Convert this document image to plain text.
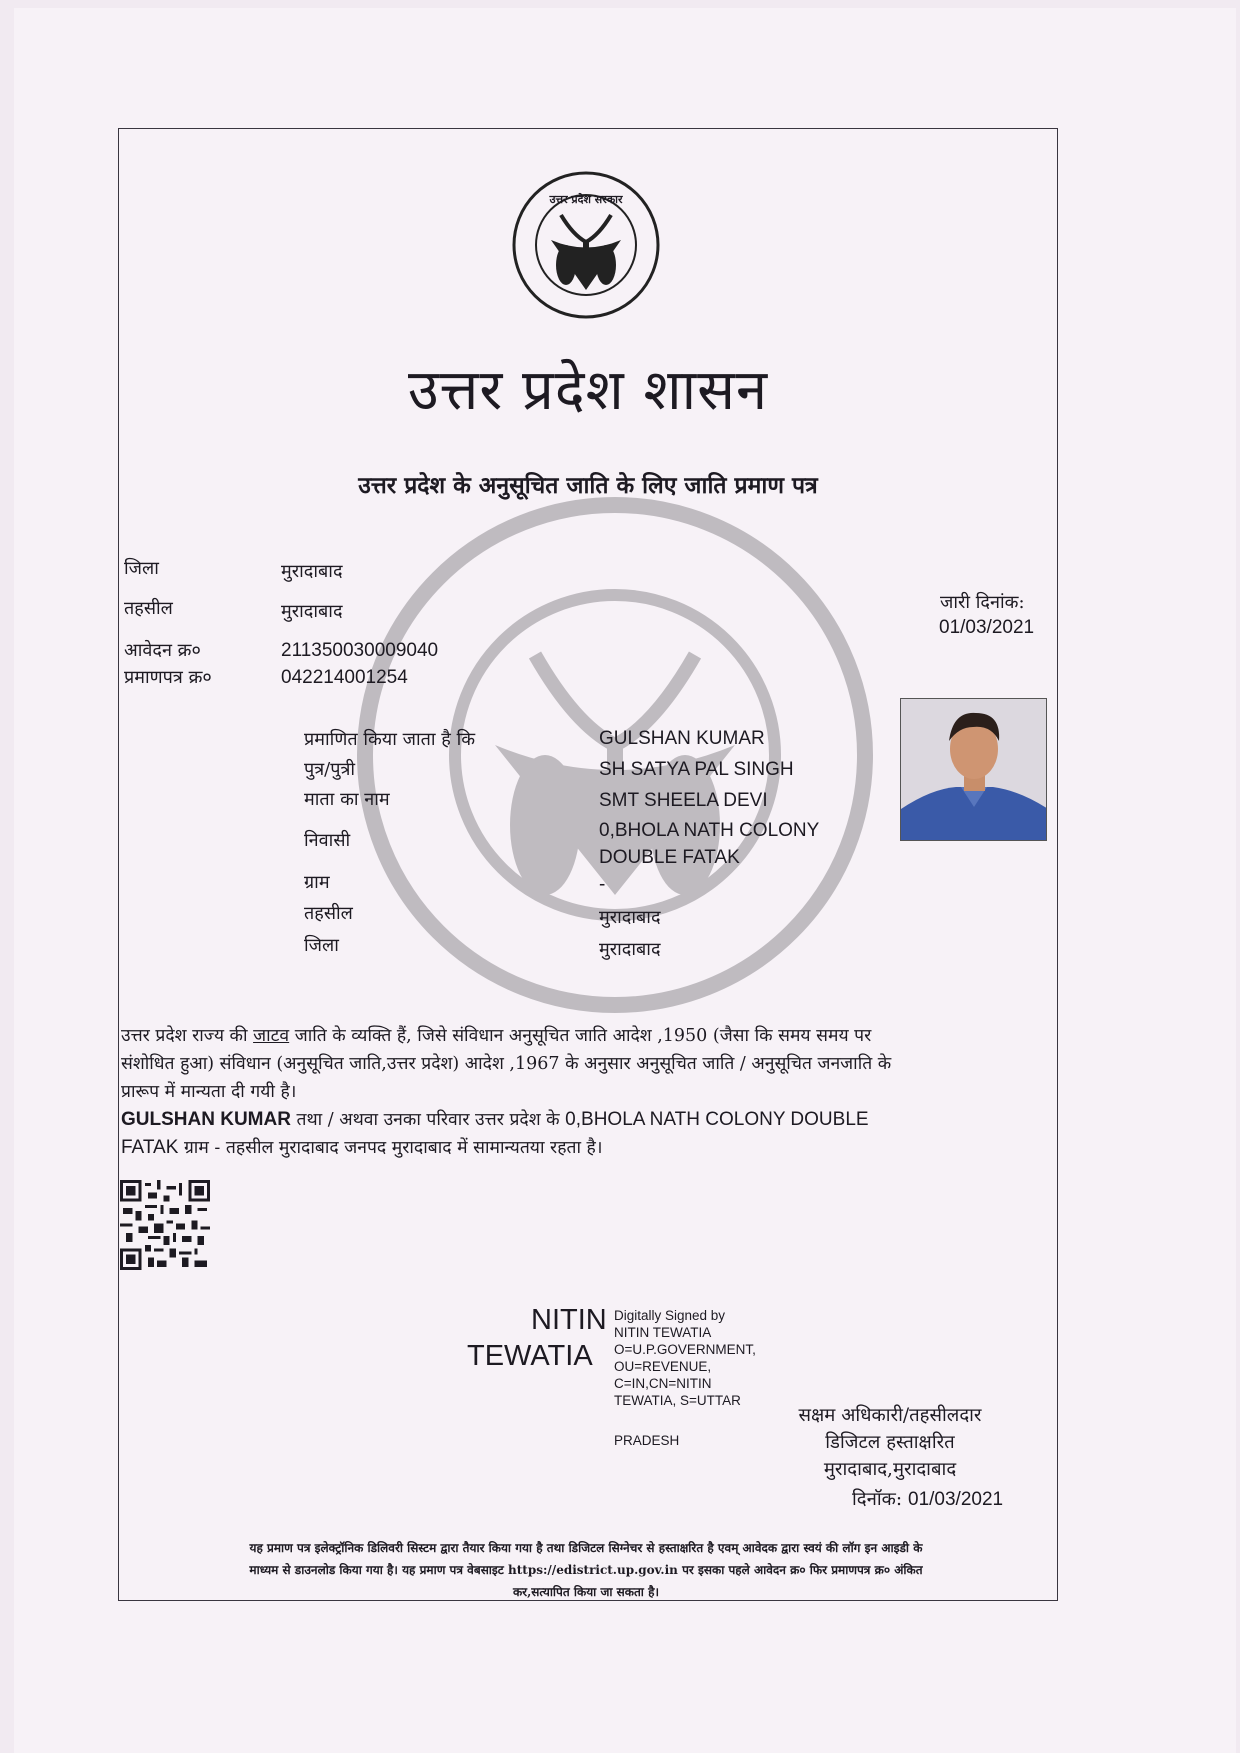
उत्तर प्रदेश सरकार
उत्तर प्रदेश शासन
उत्तर प्रदेश के अनुसूचित जाति के लिए जाति प्रमाण पत्र
जिला	मुरादाबाद
तहसील	मुरादाबाद
आवेदन क्र०	211350030009040
प्रमाणपत्र क्र०	042214001254
जारी दिनांक:
01/03/2021
प्रमाणित किया जाता है कि	GULSHAN KUMAR
पुत्र/पुत्री	SH SATYA PAL SINGH
माता का नाम	SMT SHEELA DEVI
निवासी	0,BHOLA NATH COLONY
DOUBLE FATAK
ग्राम	-
तहसील	मुरादाबाद
जिला	मुरादाबाद
उत्तर प्रदेश राज्य की जाटव जाति के व्यक्ति हैं, जिसे संविधान अनुसूचित जाति आदेश ,1950 (जैसा कि समय समय पर
संशोधित हुआ) संविधान (अनुसूचित जाति,उत्तर प्रदेश) आदेश ,1967 के अनुसार अनुसूचित जाति / अनुसूचित जनजाति के
प्रारूप में मान्यता दी गयी है।
GULSHAN KUMAR तथा / अथवा उनका परिवार उत्तर प्रदेश के 0,BHOLA NATH COLONY DOUBLE
FATAK ग्राम - तहसील मुरादाबाद जनपद मुरादाबाद में सामान्यतया रहता है।
NITIN
TEWATIA
Digitally Signed by
NITIN TEWATIA
O=U.P.GOVERNMENT,
OU=REVENUE,
C=IN,CN=NITIN
TEWATIA, S=UTTAR
PRADESH
सक्षम अधिकारी/तहसीलदार
डिजिटल हस्ताक्षरित
मुरादाबाद,मुरादाबाद
दिनॉक: 01/03/2021
यह प्रमाण पत्र इलेक्ट्रॉनिक डिलिवरी सिस्टम द्वारा तैयार किया गया है तथा डिजिटल सिग्नेचर से हस्ताक्षरित है एवम् आवेदक द्वारा स्वयं की लॉग इन आइडी के
माध्यम से डाउनलोड किया गया है। यह प्रमाण पत्र वेबसाइट https://edistrict.up.gov.in पर इसका पहले आवेदन क्र० फिर प्रमाणपत्र क्र० अंकित
कर,सत्यापित किया जा सकता है।
